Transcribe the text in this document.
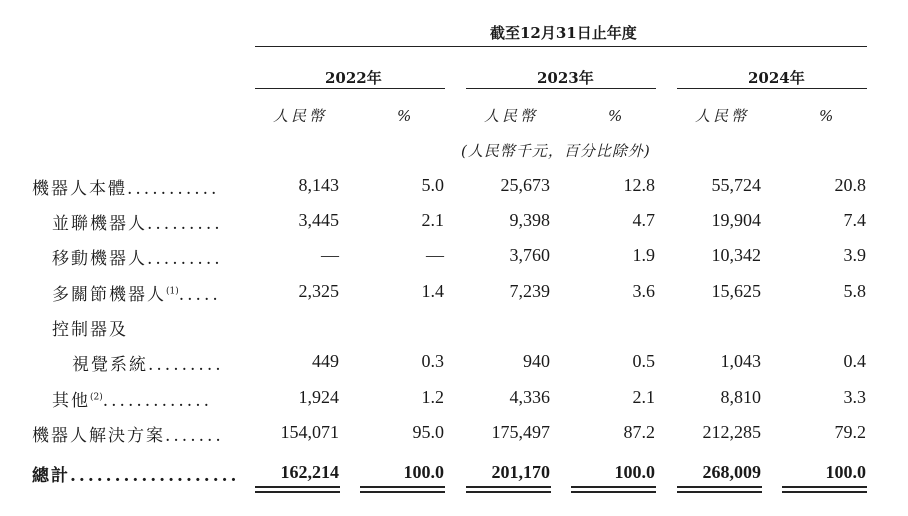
截至12月31日止年度
2022年	2023年	2024年
人民幣	%	人民幣	%	人民幣	%
(人民幣千元，百分比除外)
機器人本體...........	8,143	5.0	25,673	12.8	55,724	20.8
並聯機器人.........	3,445	2.1	9,398	4.7	19,904	7.4
移動機器人.........	—	—	3,760	1.9	10,342	3.9
多關節機器人$^{(1)}$.....	2,325	1.4	7,239	3.6	15,625	5.8
控制器及
視覺系統.........	449	0.3	940	0.5	1,043	0.4
其他$^{(2)}$.............	1,924	1.2	4,336	2.1	8,810	3.3
機器人解決方案.......	154,071	95.0	175,497	87.2	212,285	79.2
總計................... 162,214	100.0	201,170	100.0	268,009	100.0
